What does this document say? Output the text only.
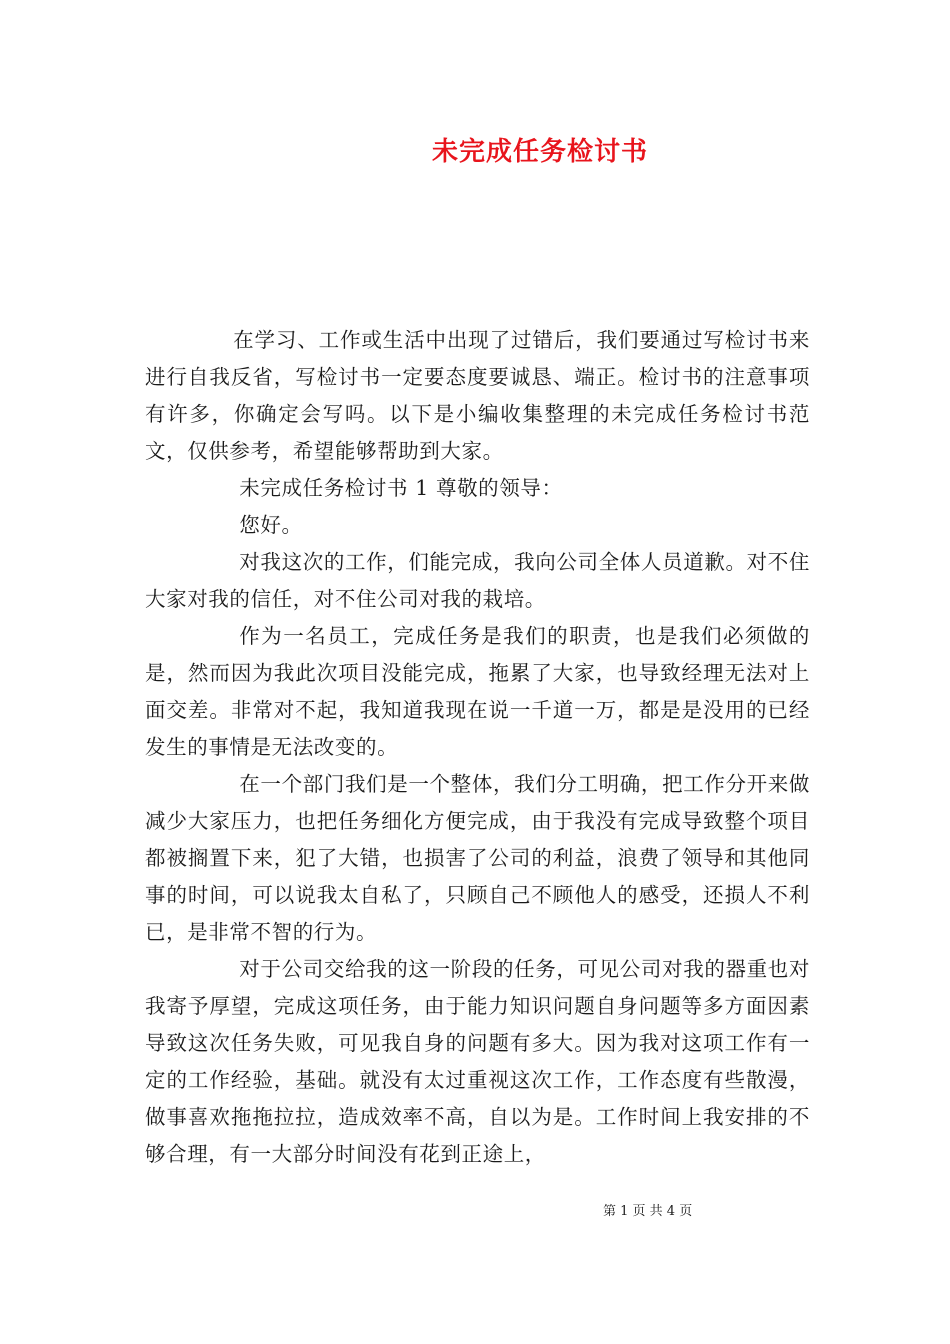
未完成任务检讨书

在学习、工作或生活中出现了过错后，我们要通过写检讨书来进行自我反省，写检讨书一定要态度要诚恳、端正。检讨书的注意事项有许多，你确定会写吗。以下是小编收集整理的未完成任务检讨书范文，仅供参考，希望能够帮助到大家。

未完成任务检讨书 1 尊敬的领导：

您好。

对我这次的工作，们能完成，我向公司全体人员道歉。对不住大家对我的信任，对不住公司对我的栽培。

作为一名员工，完成任务是我们的职责，也是我们必须做的是，然而因为我此次项目没能完成，拖累了大家，也导致经理无法对上面交差。非常对不起，我知道我现在说一千道一万，都是是没用的已经发生的事情是无法改变的。

在一个部门我们是一个整体，我们分工明确，把工作分开来做减少大家压力，也把任务细化方便完成，由于我没有完成导致整个项目都被搁置下来，犯了大错，也损害了公司的利益，浪费了领导和其他同事的时间，可以说我太自私了，只顾自己不顾他人的感受，还损人不利已，是非常不智的行为。

对于公司交给我的这一阶段的任务，可见公司对我的器重也对我寄予厚望，完成这项任务，由于能力知识问题自身问题等多方面因素导致这次任务失败，可见我自身的问题有多大。因为我对这项工作有一定的工作经验，基础。就没有太过重视这次工作，工作态度有些散漫，做事喜欢拖拖拉拉，造成效率不高，自以为是。工作时间上我安排的不够合理，有一大部分时间没有花到正途上，

第 1 页 共 4 页
